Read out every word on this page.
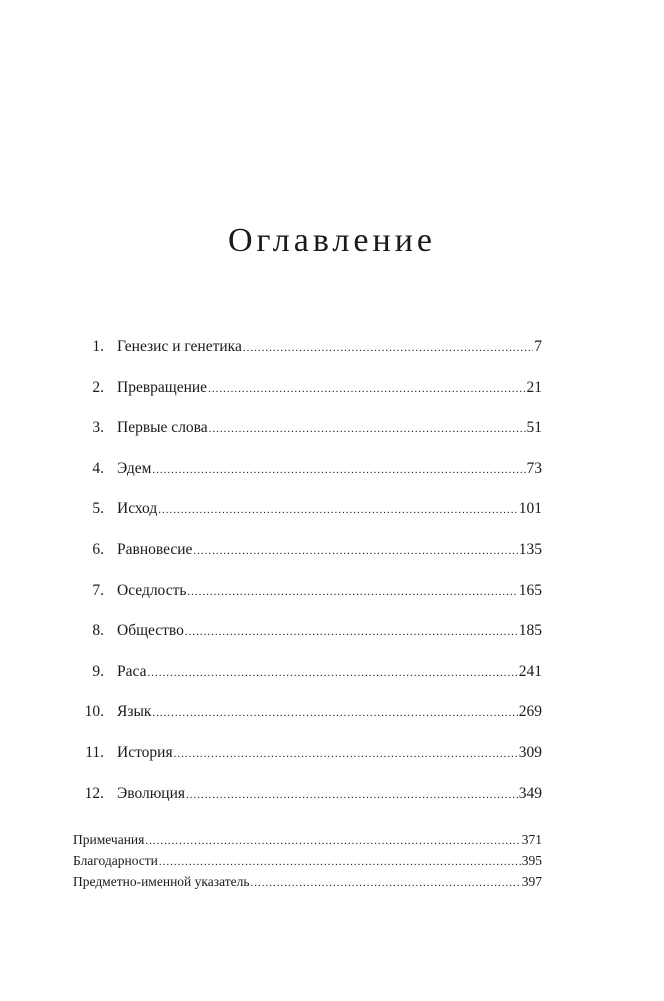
Оглавление
1. Генезис и генетика .....	7
2. Превращение .....	21
3. Первые слова .....	51
4. Эдем .....	73
5. Исход .....	101
6. Равновесие .....	135
7. Оседлость .....	165
8. Общество .....	185
9. Раса .....	241
10. Язык .....	269
11. История .....	309
12. Эволюция .....	349
Примечания .....	371
Благодарности .....	395
Предметно-именной указатель .....	397
